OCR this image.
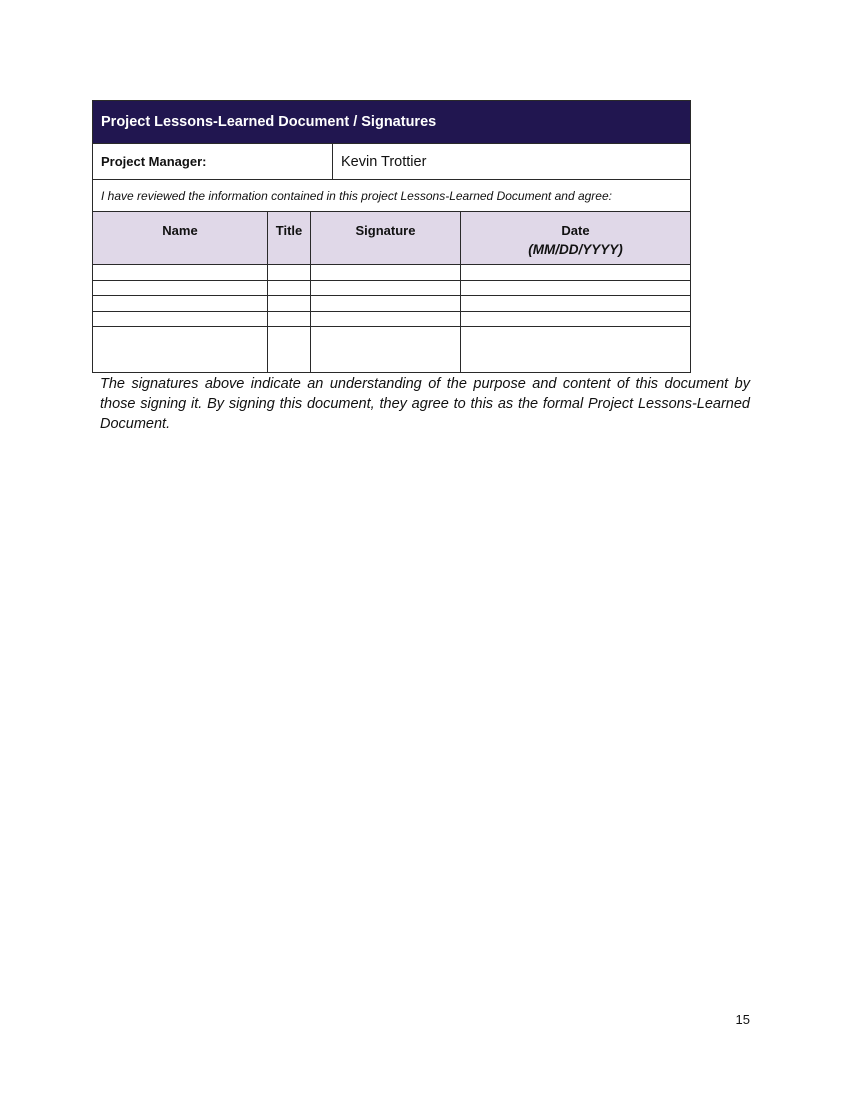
Project Lessons-Learned Document / Signatures				
Project Manager:			Kevin Trottier	
I have reviewed the information contained in this project Lessons-Learned Document and agree:				
Name	Title	Signature		Date
(MM/DD/YYYY)

The signatures above indicate an understanding of the purpose and content of this document by those signing it. By signing this document, they agree to this as the formal Project Lessons-Learned Document.

15
